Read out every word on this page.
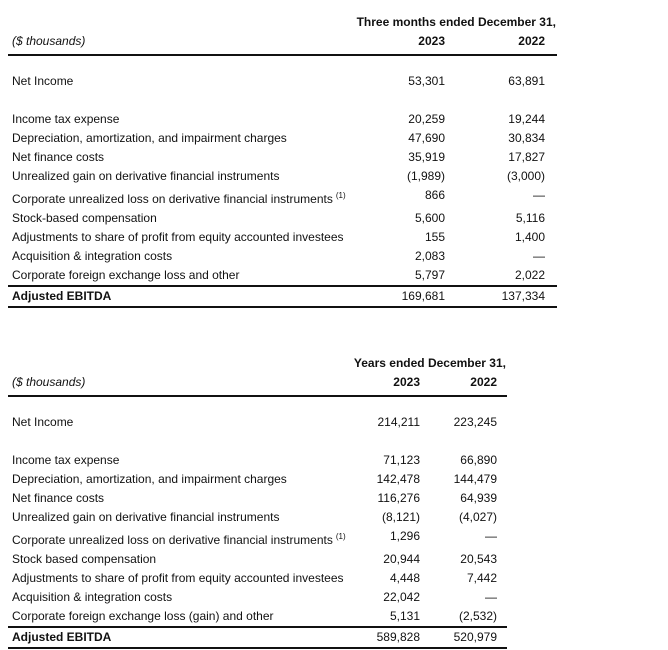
Three months ended December 31,
($ thousands)	2023	2022
Net Income	53,301	63,891
Income tax expense	20,259	19,244
Depreciation, amortization, and impairment charges	47,690	30,834
Net finance costs	35,919	17,827
Unrealized gain on derivative financial instruments	(1,989)	(3,000)
Corporate unrealized loss on derivative financial instruments $^{(1)}$	866	—
Stock-based compensation	5,600	5,116
Adjustments to share of profit from equity accounted investees	155	1,400
Acquisition & integration costs	2,083	—
Corporate foreign exchange loss and other	5,797	2,022
Adjusted EBITDA	169,681	137,334
Years ended December 31,
($ thousands)	2023	2022
Net Income	214,211	223,245
Income tax expense	71,123	66,890
Depreciation, amortization, and impairment charges	142,478	144,479
Net finance costs	116,276	64,939
Unrealized gain on derivative financial instruments	(8,121)	(4,027)
Corporate unrealized loss on derivative financial instruments $^{(1)}$	1,296	—
Stock based compensation	20,944	20,543
Adjustments to share of profit from equity accounted investees	4,448	7,442
Acquisition & integration costs	22,042	—
Corporate foreign exchange loss (gain) and other	5,131	(2,532)
Adjusted EBITDA	589,828	520,979
